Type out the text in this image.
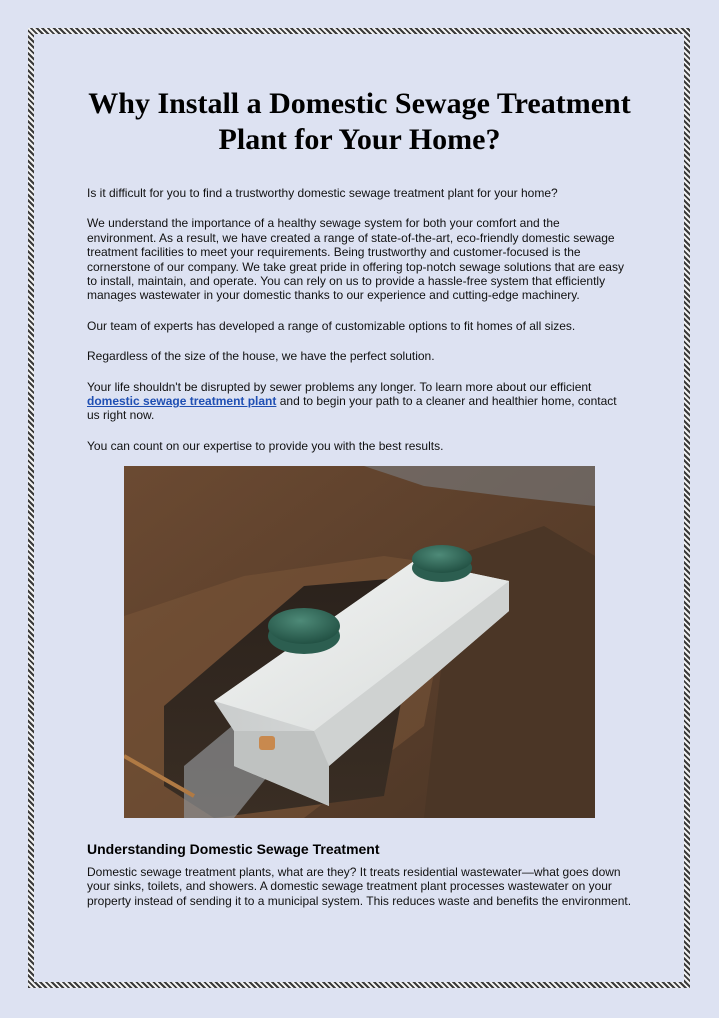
Why Install a Domestic Sewage Treatment Plant for Your Home?

Is it difficult for you to find a trustworthy domestic sewage treatment plant for your home?

We understand the importance of a healthy sewage system for both your comfort and the environment. As a result, we have created a range of state-of-the-art, eco-friendly domestic sewage treatment facilities to meet your requirements. Being trustworthy and customer-focused is the cornerstone of our company. We take great pride in offering top-notch sewage solutions that are easy to install, maintain, and operate. You can rely on us to provide a hassle-free system that efficiently manages wastewater in your domestic thanks to our experience and cutting-edge machinery.

Our team of experts has developed a range of customizable options to fit homes of all sizes.

Regardless of the size of the house, we have the perfect solution.

Your life shouldn't be disrupted by sewer problems any longer. To learn more about our efficient domestic sewage treatment plant and to begin your path to a cleaner and healthier home, contact us right now.

You can count on our expertise to provide you with the best results.

Understanding Domestic Sewage Treatment

Domestic sewage treatment plants, what are they? It treats residential wastewater—what goes down your sinks, toilets, and showers. A domestic sewage treatment plant processes wastewater on your property instead of sending it to a municipal system. This reduces waste and benefits the environment.
